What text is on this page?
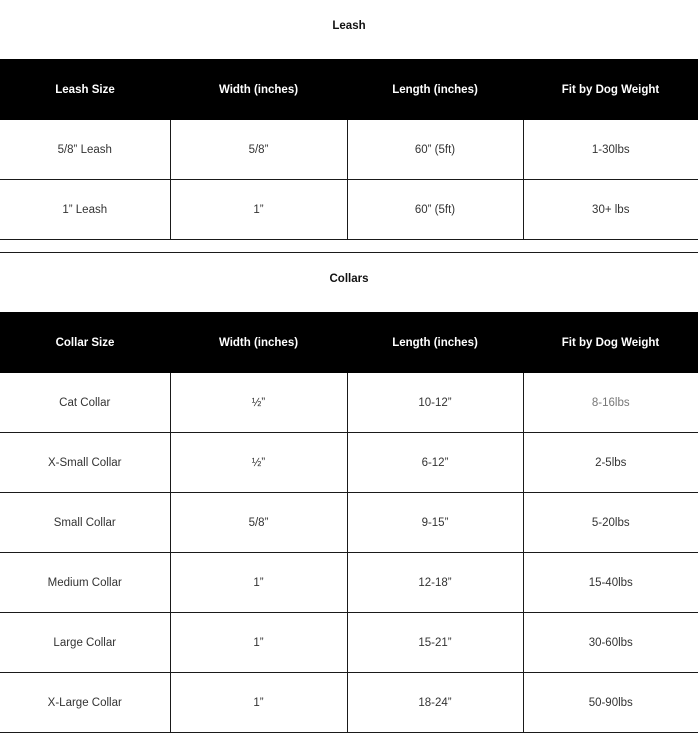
Leash
Leash Size	Width (inches)	Length (inches)	Fit by Dog Weight
5/8” Leash	5/8”	60” (5ft)	1-30lbs
1” Leash	1”	60” (5ft)	30+ lbs
Collars
Collar Size	Width (inches)	Length (inches)	Fit by Dog Weight
Cat Collar	½”	10-12”	8-16lbs
X-Small Collar	½”	6-12”	2-5lbs
Small Collar	5/8”	9-15”	5-20lbs
Medium Collar	1”	12-18”	15-40lbs
Large Collar	1”	15-21”	30-60lbs
X-Large Collar	1”	18-24”	50-90lbs
